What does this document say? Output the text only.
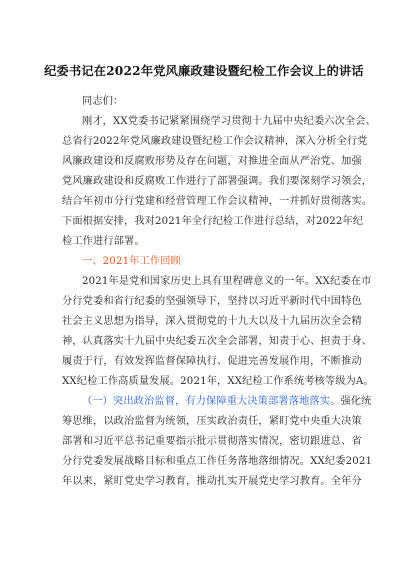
纪委书记在2022年党风廉政建设暨纪检工作会议上的讲话
同志们：
刚才，XX党委书记紧紧围绕学习贯彻十九届中央纪委六次全会、
总省行2022年党风廉政建设暨纪检工作会议精神，深入分析全行党
风廉政建设和反腐败形势及存在问题，对推进全面从严治党、加强
党风廉政建设和反腐败工作进行了部署强调。我们要深刻学习领会，
结合年初市分行党建和经营管理工作会议精神，一并抓好贯彻落实。
下面根据安排，我对2021年全行纪检工作进行总结，对2022年纪
检工作进行部署。
一、2021年工作回顾
2021年是党和国家历史上具有里程碑意义的一年。XX纪委在市
分行党委和省行纪委的坚强领导下，坚持以习近平新时代中国特色
社会主义思想为指导，深入贯彻党的十九大以及十九届历次全会精
神，认真落实十九届中央纪委五次全会部署，知责于心、担责于身、
履责于行，有效发挥监督保障执行、促进完善发展作用，不断推动
XX纪检工作高质量发展。2021年，XX纪检工作系统考核等级为A。
（一）突出政治监督，有力保障重大决策部署落地落实。强化统
筹思维，以政治监督为统领，压实政治责任，紧盯党中央重大决策
部署和习近平总书记重要指示批示贯彻落实情况，密切跟进总、省
分行党委发展战略目标和重点工作任务落地落细情况。XX纪委2021
年以来，紧盯党史学习教育，推动扎实开展党史学习教育。全年分
